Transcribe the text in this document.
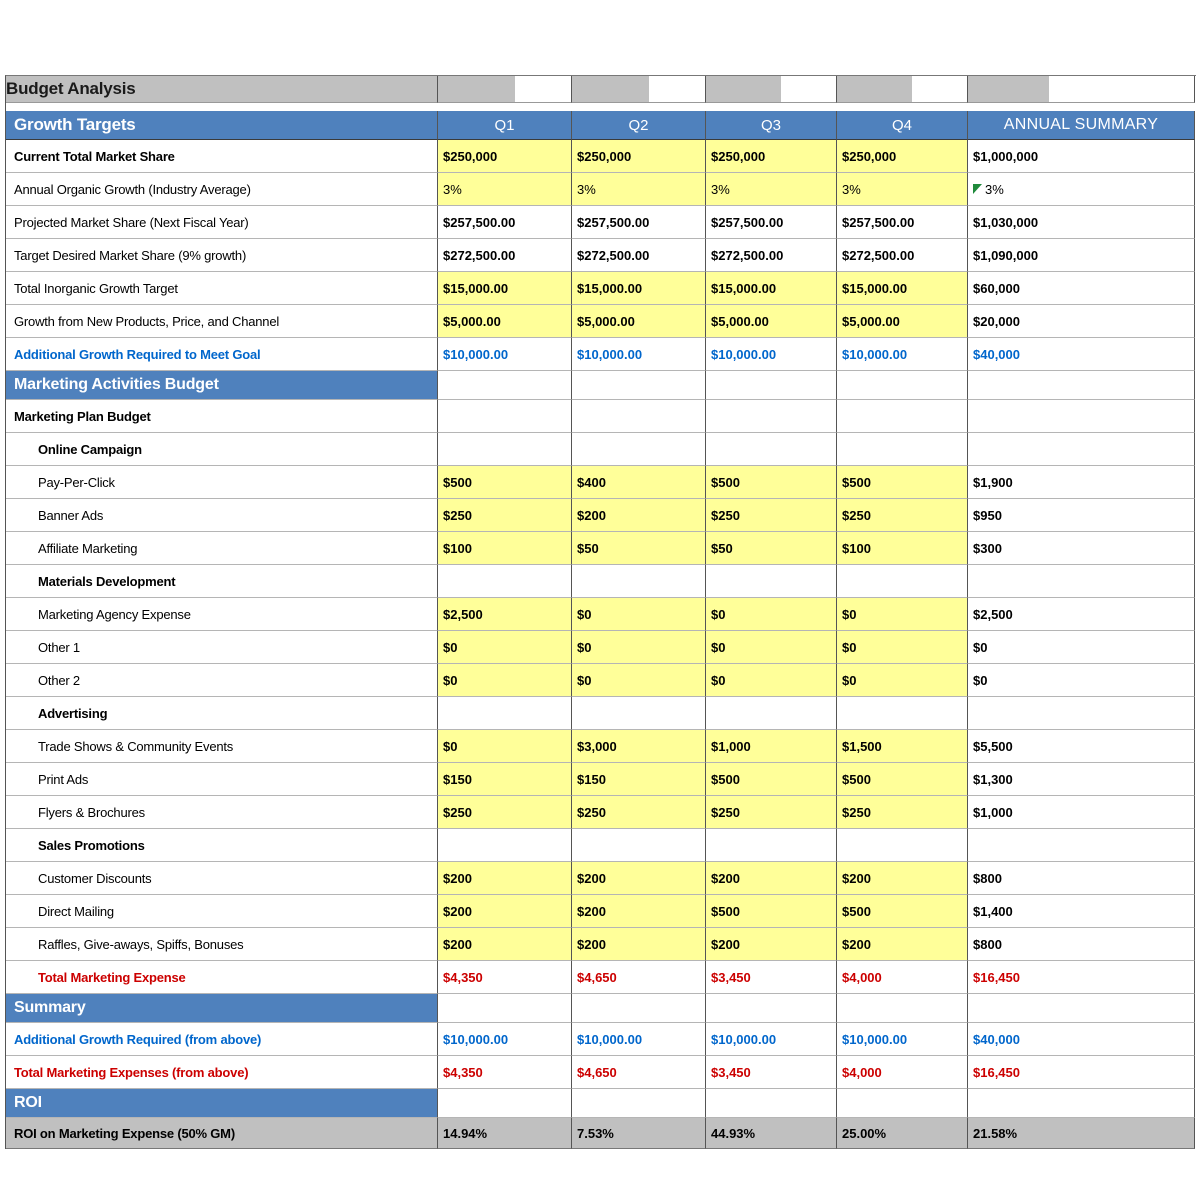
Budget Analysis
Growth Targets	Q1	Q2	Q3	Q4	ANNUAL SUMMARY
Current Total Market Share	$250,000	$250,000	$250,000	$250,000	$1,000,000
Annual Organic Growth (Industry Average)	3%	3%	3%	3%	3%
Projected Market Share (Next Fiscal Year)	$257,500.00	$257,500.00	$257,500.00	$257,500.00	$1,030,000
Target Desired Market Share (9% growth)	$272,500.00	$272,500.00	$272,500.00	$272,500.00	$1,090,000
Total Inorganic Growth Target	$15,000.00	$15,000.00	$15,000.00	$15,000.00	$60,000
Growth from New Products, Price, and Channel	$5,000.00	$5,000.00	$5,000.00	$5,000.00	$20,000
Additional Growth Required to Meet Goal	$10,000.00	$10,000.00	$10,000.00	$10,000.00	$40,000
Marketing Activities Budget
Marketing Plan Budget
Online Campaign
Pay-Per-Click	$500	$400	$500	$500	$1,900
Banner Ads	$250	$200	$250	$250	$950
Affiliate Marketing	$100	$50	$50	$100	$300
Materials Development
Marketing Agency Expense	$2,500	$0	$0	$0	$2,500
Other 1	$0	$0	$0	$0	$0
Other 2	$0	$0	$0	$0	$0
Advertising
Trade Shows & Community Events	$0	$3,000	$1,000	$1,500	$5,500
Print Ads	$150	$150	$500	$500	$1,300
Flyers & Brochures	$250	$250	$250	$250	$1,000
Sales Promotions
Customer Discounts	$200	$200	$200	$200	$800
Direct Mailing	$200	$200	$500	$500	$1,400
Raffles, Give-aways, Spiffs, Bonuses	$200	$200	$200	$200	$800
Total Marketing Expense	$4,350	$4,650	$3,450	$4,000	$16,450
Summary
Additional Growth Required (from above)	$10,000.00	$10,000.00	$10,000.00	$10,000.00	$40,000
Total Marketing Expenses (from above)	$4,350	$4,650	$3,450	$4,000	$16,450
ROI
ROI on Marketing Expense (50% GM)	14.94%	7.53%	44.93%	25.00%	21.58%
